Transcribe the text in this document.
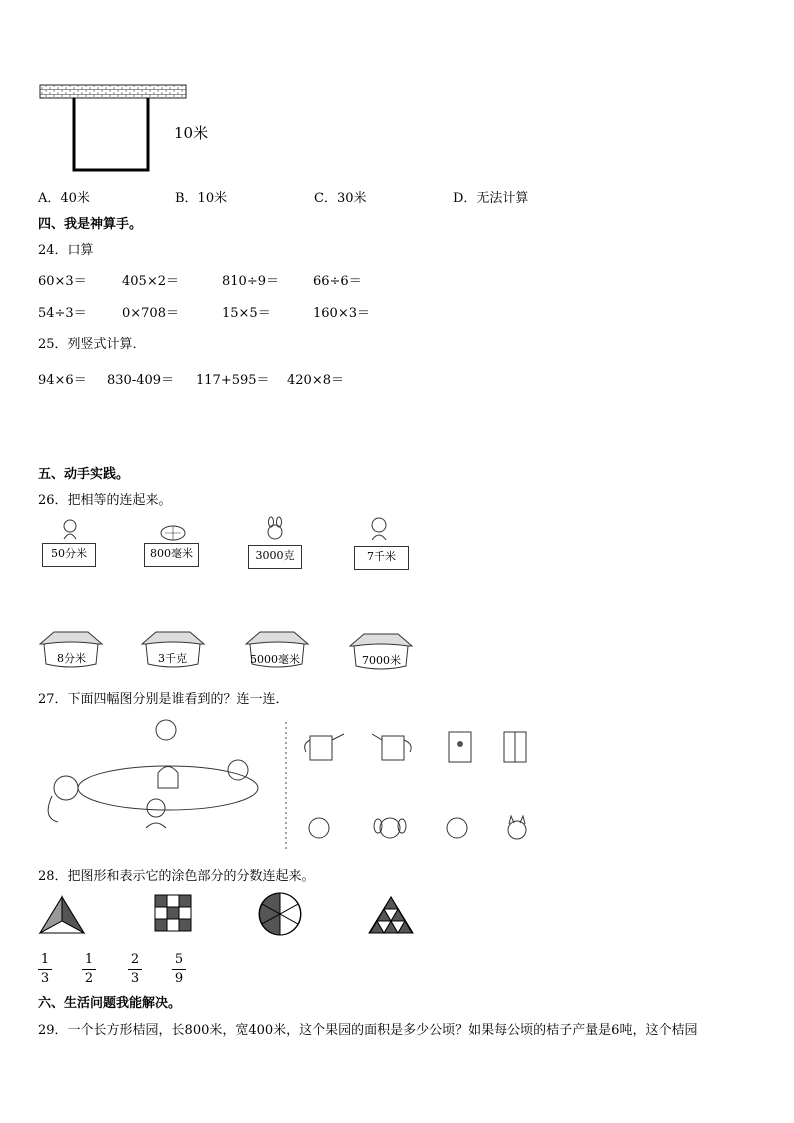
10米
A．40米	B．10米	C．30米	D．无法计算
四、我是神算手。
24．口算
60×3＝	405×2＝	810÷9＝	66÷6＝
54÷3＝	0×708＝	15×5＝	160×3＝
25．列竖式计算．
94×6＝ 830-409＝ 117+595＝ 420×8＝
五、动手实践。
26．把相等的连起来。
50分米	800毫米	3000克	7千米
8分米	3千克	5000毫米	7000米
27．下面四幅图分别是谁看到的？连一连．
28．把图形和表示它的涂色部分的分数连起来。
1
3
1
2
2
3
5
9
六、生活问题我能解决。
29．一个长方形桔园，长800米，宽400米，这个果园的面积是多少公顷？如果每公顷的桔子产量是6吨，这个桔园
